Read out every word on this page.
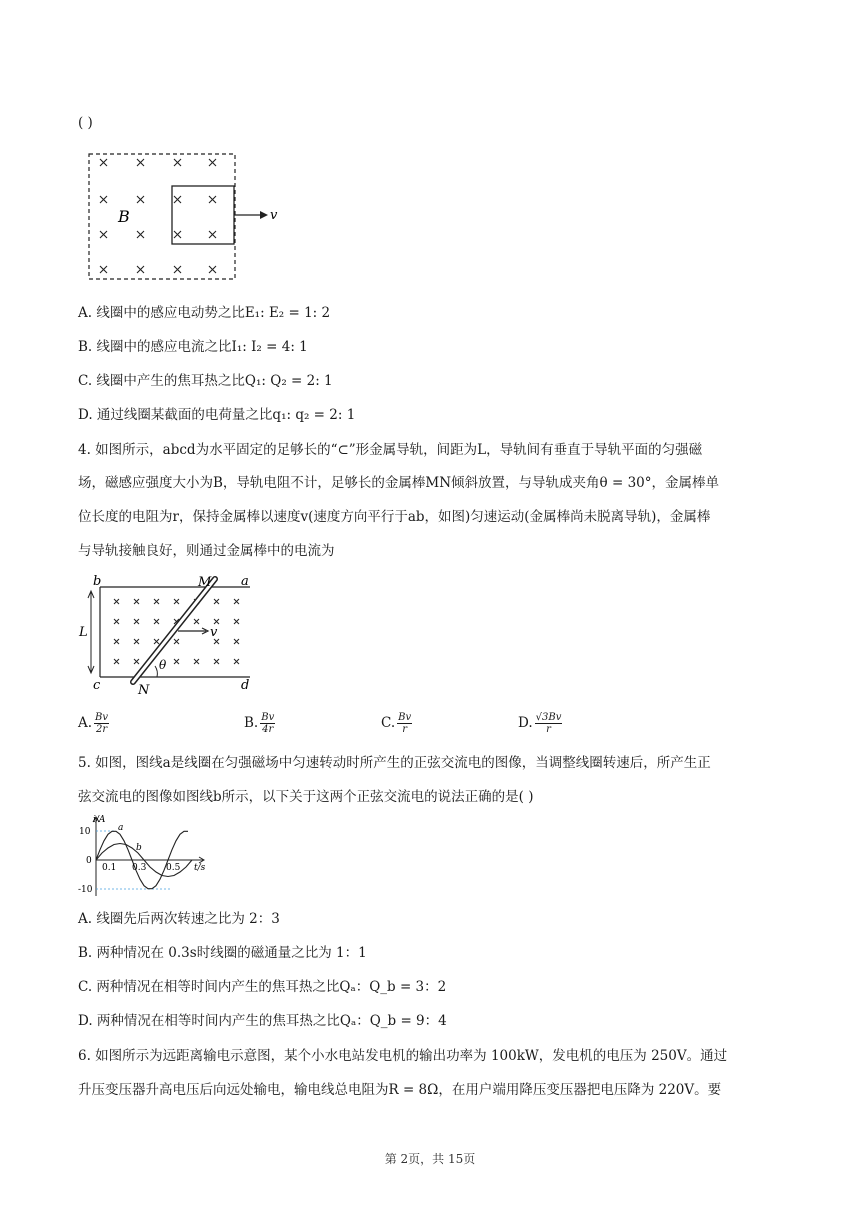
( )
B	v
A. 线圈中的感应电动势之比E₁: E₂ = 1: 2
B. 线圈中的感应电流之比I₁: I₂ = 4: 1
C. 线圈中产生的焦耳热之比Q₁: Q₂ = 2: 1
D. 通过线圈某截面的电荷量之比q₁: q₂ = 2: 1
4. 如图所示，abcd为水平固定的足够长的“⊂”形金属导轨，间距为L，导轨间有垂直于导轨平面的匀强磁
场，磁感应强度大小为B，导轨电阻不计，足够长的金属棒MN倾斜放置，与导轨成夹角θ = 30°，金属棒单
位长度的电阻为r，保持金属棒以速度v(速度方向平行于ab，如图)匀速运动(金属棒尚未脱离导轨)，金属棒
与导轨接触良好，则通过金属棒中的电流为
b	a
c	d
M
N
L	v
θ
A. $\frac{Bv}{2r}$	B. $\frac{Bv}{4r}$	C. $\frac{Bv}{r}$	D. $\frac{√3Bv}{r}$
5. 如图，图线a是线圈在匀强磁场中匀速转动时所产生的正弦交流电的图像，当调整线圈转速后，所产生正
弦交流电的图像如图线b所示，以下关于这两个正弦交流电的说法正确的是( )
i/A
t/s
10
0
-10
0.1 0.3 0.5
a
b
A. 线圈先后两次转速之比为 2：3
B. 两种情况在 0.3s时线圈的磁通量之比为 1：1
C. 两种情况在相等时间内产生的焦耳热之比Qₐ：Q_b = 3：2
D. 两种情况在相等时间内产生的焦耳热之比Qₐ：Q_b = 9：4
6. 如图所示为远距离输电示意图，某个小水电站发电机的输出功率为 100kW，发电机的电压为 250V。通过
升压变压器升高电压后向远处输电，输电线总电阻为R = 8Ω，在用户端用降压变压器把电压降为 220V。要
第 2页，共 15页
